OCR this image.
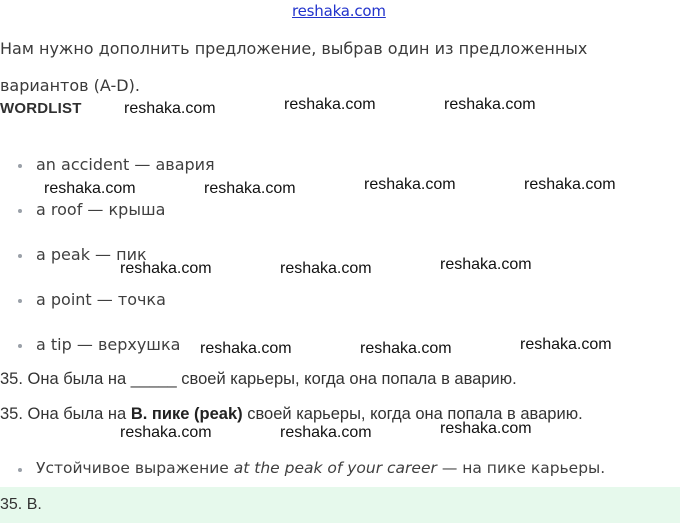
reshaka.com
Нам нужно дополнить предложение, выбрав один из предложенных вариантов (A-D).
WORDLIST
an accident — авария
a roof — крыша
a peak — пик
a point — точка
a tip — верхушка
35. Она была на _____ своей карьеры, когда она попала в аварию.
35. Она была на B. пике (peak) своей карьеры, когда она попала в аварию.
Устойчивое выражение at the peak of your career — на пике карьеры.
35. B.
reshaka.com	reshaka.com	reshaka.com
reshaka.com	reshaka.com	reshaka.com	reshaka.com
reshaka.com	reshaka.com	reshaka.com
reshaka.com	reshaka.com	reshaka.com
reshaka.com	reshaka.com	reshaka.com
